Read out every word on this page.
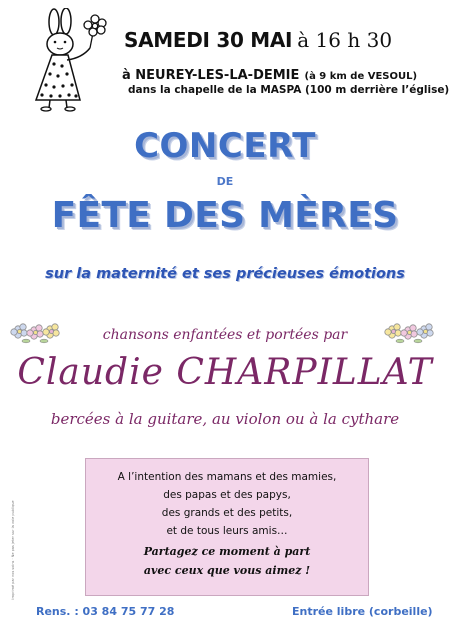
SAMEDI 30 MAI à 16 h 30
à NEUREY-LES-LA-DEMIE (à 9 km de VESOUL)
dans la chapelle de la MASPA (100 m derrière l’église)
CONCERT
DE
FÊTE DES MÈRES
sur la maternité et ses précieuses émotions
chansons enfantées et portées par
Claudie CHARPILLAT
bercées à la guitare, au violon ou à la cythare
A l’intention des mamans et des mamies,
des papas et des papys,
des grands et des petits,
et de tous leurs amis…
Partagez ce moment à part
avec ceux que vous aimez !
Imprimé par nos soins · Ne pas jeter sur la voie publique
Rens. : 03 84 75 77 28	Entrée libre (corbeille)
